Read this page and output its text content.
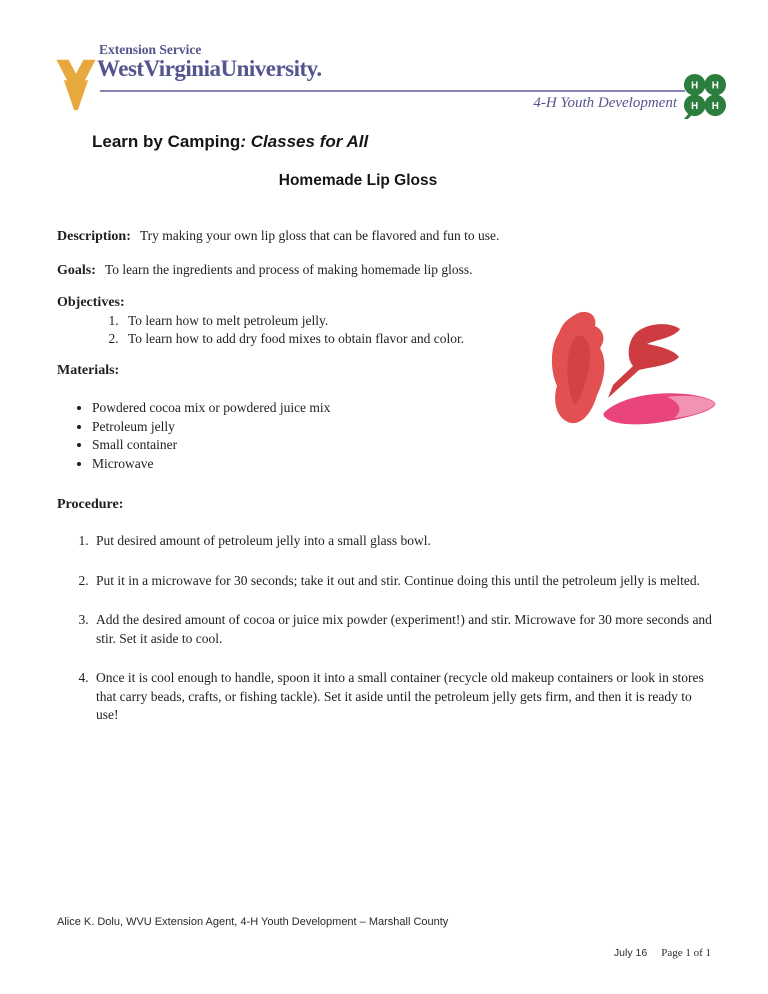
Extension Service
WestVirginiaUniversity.
H H
H H
4-H Youth Development
Learn by Camping: Classes for All
Homemade Lip Gloss
Description: Try making your own lip gloss that can be flavored and fun to use.
Goals: To learn the ingredients and process of making homemade lip gloss.
Objectives:
1. To learn how to melt petroleum jelly.
2. To learn how to add dry food mixes to obtain flavor and color.
Materials:
• Powdered cocoa mix or powdered juice mix
• Petroleum jelly
• Small container
• Microwave
Procedure:
1. Put desired amount of petroleum jelly into a small glass bowl.
2. Put it in a microwave for 30 seconds; take it out and stir. Continue doing this until the petroleum jelly is melted.
3. Add the desired amount of cocoa or juice mix powder (experiment!) and stir. Microwave for 30 more seconds and stir. Set it aside to cool.
4. Once it is cool enough to handle, spoon it into a small container (recycle old makeup containers or look in stores that carry beads, crafts, or fishing tackle). Set it aside until the petroleum jelly gets firm, and then it is ready to use!
Alice K. Dolu, WVU Extension Agent, 4-H Youth Development – Marshall County
July 16 Page 1 of 1
